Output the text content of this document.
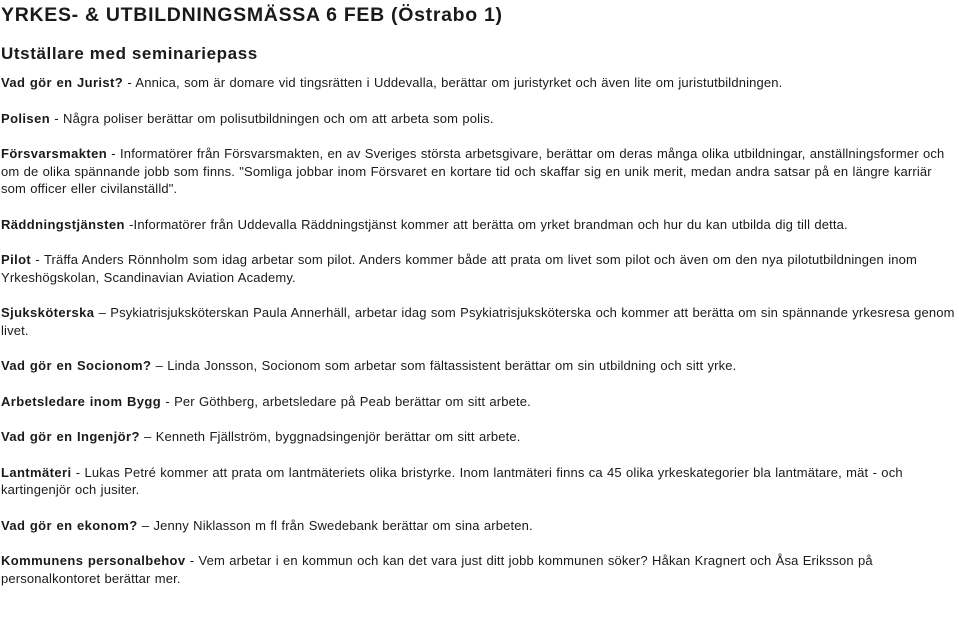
YRKES- & UTBILDNINGSMÄSSA 6 FEB (Östrabo 1)
Utställare med seminariepass

Vad gör en Jurist? - Annica, som är domare vid tingsrätten i Uddevalla, berättar om juristyrket och även lite om juristutbildningen.

Polisen - Några poliser berättar om polisutbildningen och om att arbeta som polis.

Försvarsmakten - Informatörer från Försvarsmakten, en av Sveriges största arbetsgivare, berättar om deras många olika utbildningar, anställningsformer och om de olika spännande jobb som finns. "Somliga jobbar inom Försvaret en kortare tid och skaffar sig en unik merit, medan andra satsar på en längre karriär som officer eller civilanställd".

Räddningstjänsten -Informatörer från Uddevalla Räddningstjänst kommer att berätta om yrket brandman och hur du kan utbilda dig till detta.

Pilot - Träffa Anders Rönnholm som idag arbetar som pilot. Anders kommer både att prata om livet som pilot och även om den nya pilotutbildningen inom Yrkeshögskolan, Scandinavian Aviation Academy.

Sjuksköterska – Psykiatrisjuksköterskan Paula Annerhäll, arbetar idag som Psykiatrisjuksköterska och kommer att berätta om sin spännande yrkesresa genom livet.

Vad gör en Socionom? – Linda Jonsson, Socionom som arbetar som fältassistent berättar om sin utbildning och sitt yrke.

Arbetsledare inom Bygg - Per Göthberg, arbetsledare på Peab berättar om sitt arbete.

Vad gör en Ingenjör? – Kenneth Fjällström, byggnadsingenjör berättar om sitt arbete.

Lantmäteri - Lukas Petré kommer att prata om lantmäteriets olika bristyrke. Inom lantmäteri finns ca 45 olika yrkeskategorier bla lantmätare, mät - och kartingenjör och jusiter.

Vad gör en ekonom? – Jenny Niklasson m fl från Swedebank berättar om sina arbeten.

Kommunens personalbehov - Vem arbetar i en kommun och kan det vara just ditt jobb kommunen söker? Håkan Kragnert och Åsa Eriksson på personalkontoret berättar mer.
